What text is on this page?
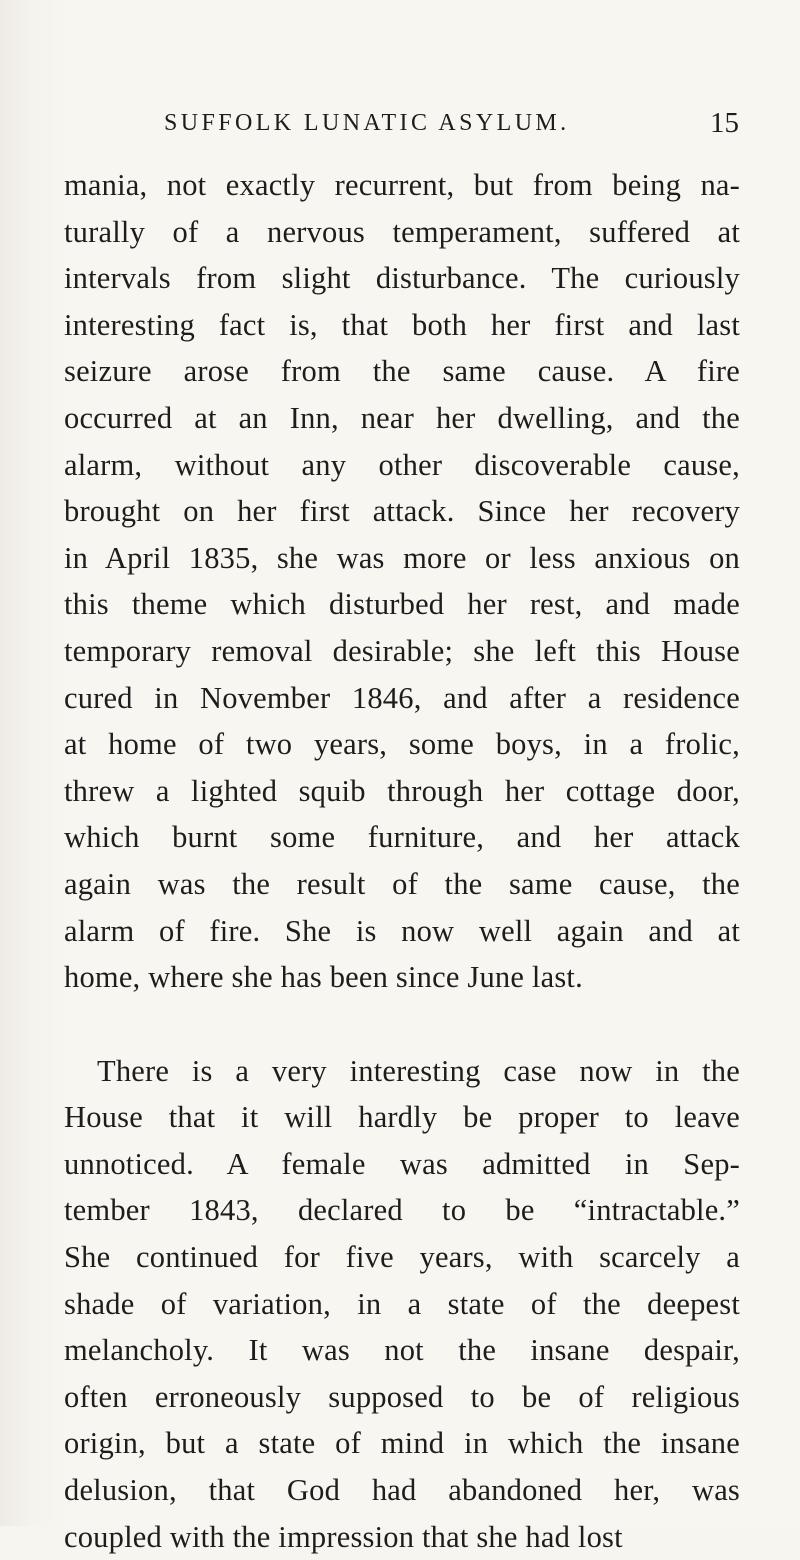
SUFFOLK LUNATIC ASYLUM.	15
mania, not exactly recurrent, but from being na-
turally of a nervous temperament, suffered at
intervals from slight disturbance. The curiously
interesting fact is, that both her first and last
seizure arose from the same cause. A fire
occurred at an Inn, near her dwelling, and the
alarm, without any other discoverable cause,
brought on her first attack. Since her recovery
in April 1835, she was more or less anxious on
this theme which disturbed her rest, and made
temporary removal desirable; she left this House
cured in November 1846, and after a residence
at home of two years, some boys, in a frolic,
threw a lighted squib through her cottage door,
which burnt some furniture, and her attack
again was the result of the same cause, the
alarm of fire. She is now well again and at
home, where she has been since June last.
There is a very interesting case now in the
House that it will hardly be proper to leave
unnoticed. A female was admitted in Sep-
tember 1843, declared to be “intractable.”
She continued for five years, with scarcely a
shade of variation, in a state of the deepest
melancholy. It was not the insane despair,
often erroneously supposed to be of religious
origin, but a state of mind in which the insane
delusion, that God had abandoned her, was
coupled with the impression that she had lost
